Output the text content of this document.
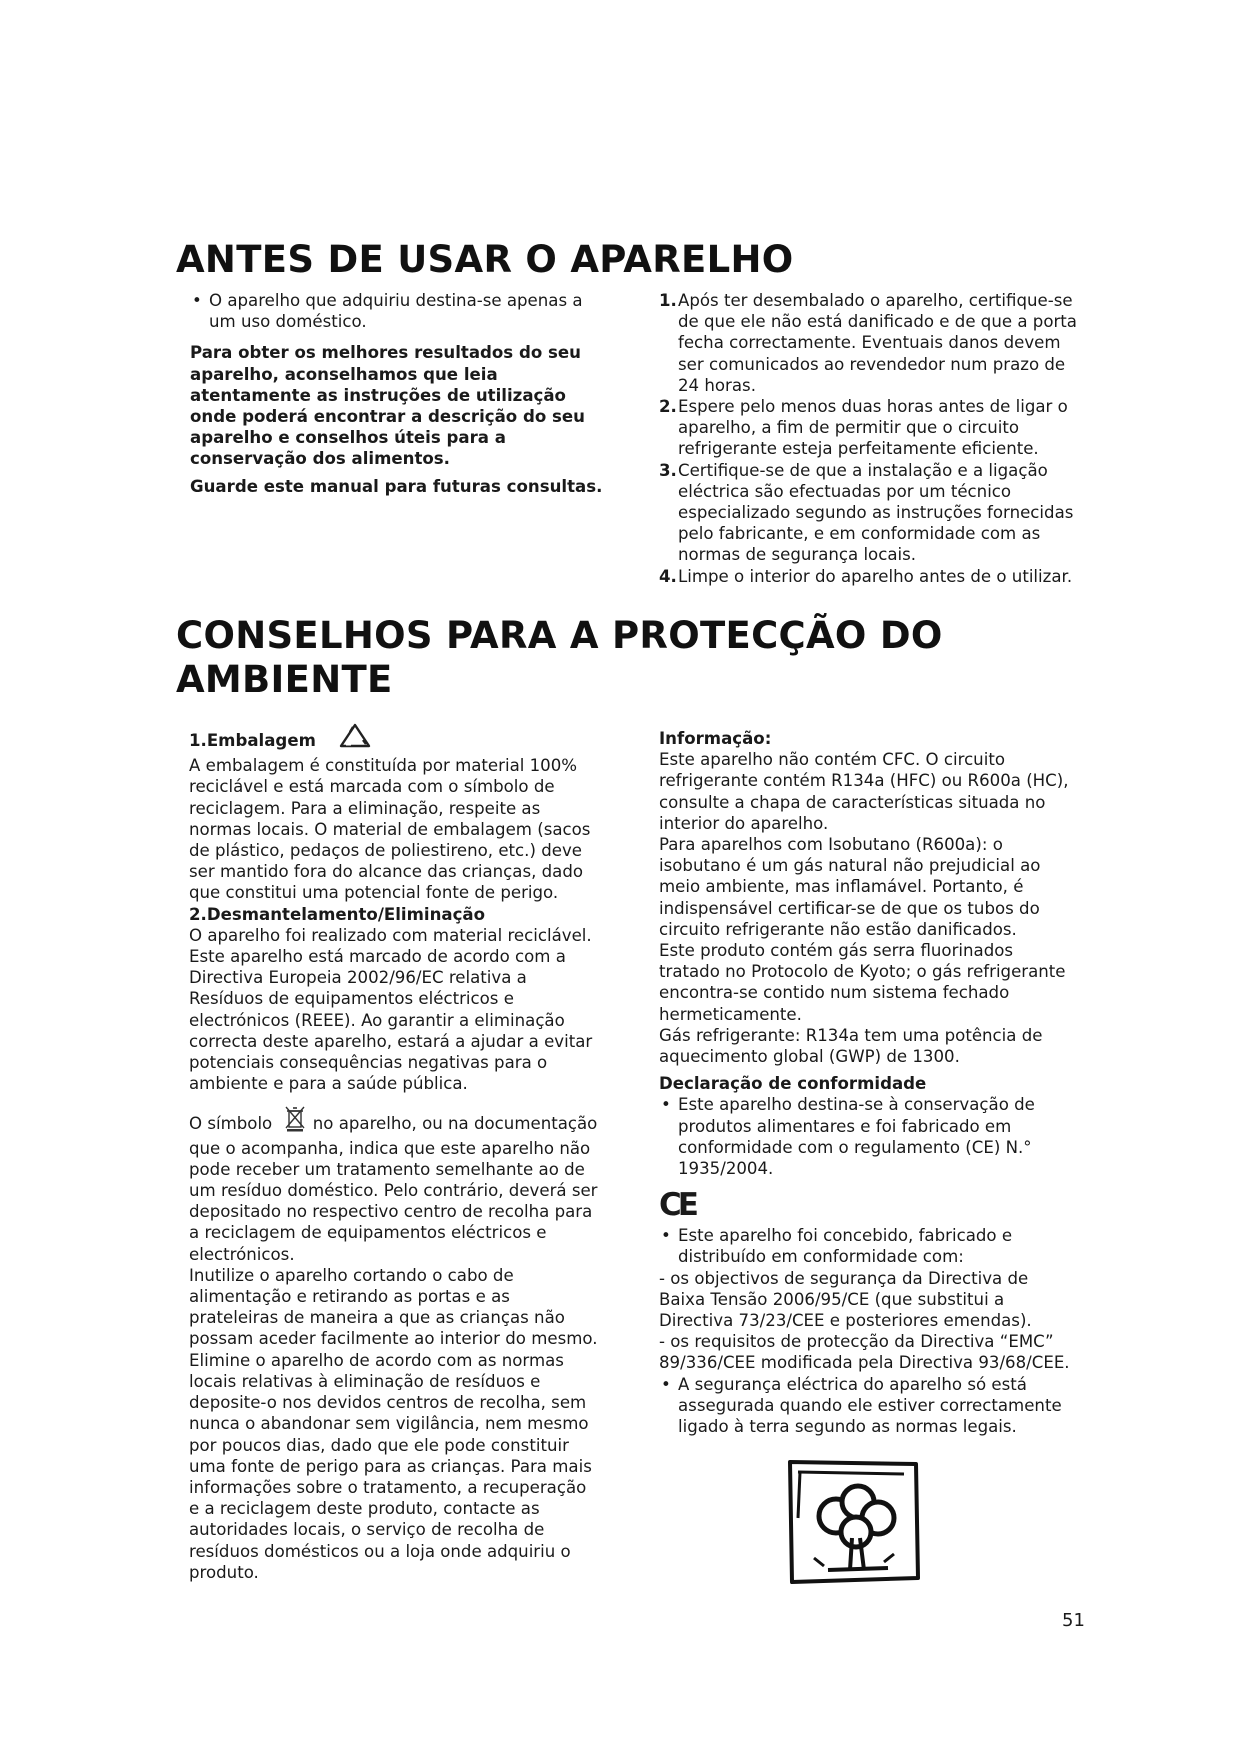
ANTES DE USAR O APARELHO

• O aparelho que adquiriu destina-se apenas a um uso doméstico.

Para obter os melhores resultados do seu aparelho, aconselhamos que leia atentamente as instruções de utilização onde poderá encontrar a descrição do seu aparelho e conselhos úteis para a conservação dos alimentos.

Guarde este manual para futuras consultas.

1. Após ter desembalado o aparelho, certifique-se de que ele não está danificado e de que a porta fecha correctamente. Eventuais danos devem ser comunicados ao revendedor num prazo de 24 horas.
2. Espere pelo menos duas horas antes de ligar o aparelho, a fim de permitir que o circuito refrigerante esteja perfeitamente eficiente.
3. Certifique-se de que a instalação e a ligação eléctrica são efectuadas por um técnico especializado segundo as instruções fornecidas pelo fabricante, e em conformidade com as normas de segurança locais.
4. Limpe o interior do aparelho antes de o utilizar.
CONSELHOS PARA A PROTECÇÃO DO
AMBIENTE

1.Embalagem

A embalagem é constituída por material 100% reciclável e está marcada com o símbolo de reciclagem. Para a eliminação, respeite as normas locais. O material de embalagem (sacos de plástico, pedaços de poliestireno, etc.) deve ser mantido fora do alcance das crianças, dado que constitui uma potencial fonte de perigo.

2.Desmantelamento/Eliminação

O aparelho foi realizado com material reciclável. Este aparelho está marcado de acordo com a Directiva Europeia 2002/96/EC relativa a Resíduos de equipamentos eléctricos e electrónicos (REEE). Ao garantir a eliminação correcta deste aparelho, estará a ajudar a evitar potenciais consequências negativas para o ambiente e para a saúde pública.

O símbolo no aparelho, ou na documentação que o acompanha, indica que este aparelho não pode receber um tratamento semelhante ao de um resíduo doméstico. Pelo contrário, deverá ser depositado no respectivo centro de recolha para a reciclagem de equipamentos eléctricos e electrónicos.

Inutilize o aparelho cortando o cabo de alimentação e retirando as portas e as prateleiras de maneira a que as crianças não possam aceder facilmente ao interior do mesmo.

Elimine o aparelho de acordo com as normas locais relativas à eliminação de resíduos e deposite-o nos devidos centros de recolha, sem nunca o abandonar sem vigilância, nem mesmo por poucos dias, dado que ele pode constituir uma fonte de perigo para as crianças. Para mais informações sobre o tratamento, a recuperação e a reciclagem deste produto, contacte as autoridades locais, o serviço de recolha de resíduos domésticos ou a loja onde adquiriu o produto.

Informação:

Este aparelho não contém CFC. O circuito refrigerante contém R134a (HFC) ou R600a (HC), consulte a chapa de características situada no interior do aparelho.

Para aparelhos com Isobutano (R600a): o isobutano é um gás natural não prejudicial ao meio ambiente, mas inflamável. Portanto, é indispensável certificar-se de que os tubos do circuito refrigerante não estão danificados.

Este produto contém gás serra fluorinados tratado no Protocolo de Kyoto; o gás refrigerante encontra-se contido num sistema fechado hermeticamente.

Gás refrigerante: R134a tem uma potência de aquecimento global (GWP) de 1300.

Declaração de conformidade

• Este aparelho destina-se à conservação de produtos alimentares e foi fabricado em conformidade com o regulamento (CE) N.° 1935/2004.

CE

• Este aparelho foi concebido, fabricado e distribuído em conformidade com:

- os objectivos de segurança da Directiva de Baixa Tensão 2006/95/CE (que substitui a Directiva 73/23/CEE e posteriores emendas).

- os requisitos de protecção da Directiva “EMC” 89/336/CEE modificada pela Directiva 93/68/CEE.

• A segurança eléctrica do aparelho só está assegurada quando ele estiver correctamente ligado à terra segundo as normas legais.

51
